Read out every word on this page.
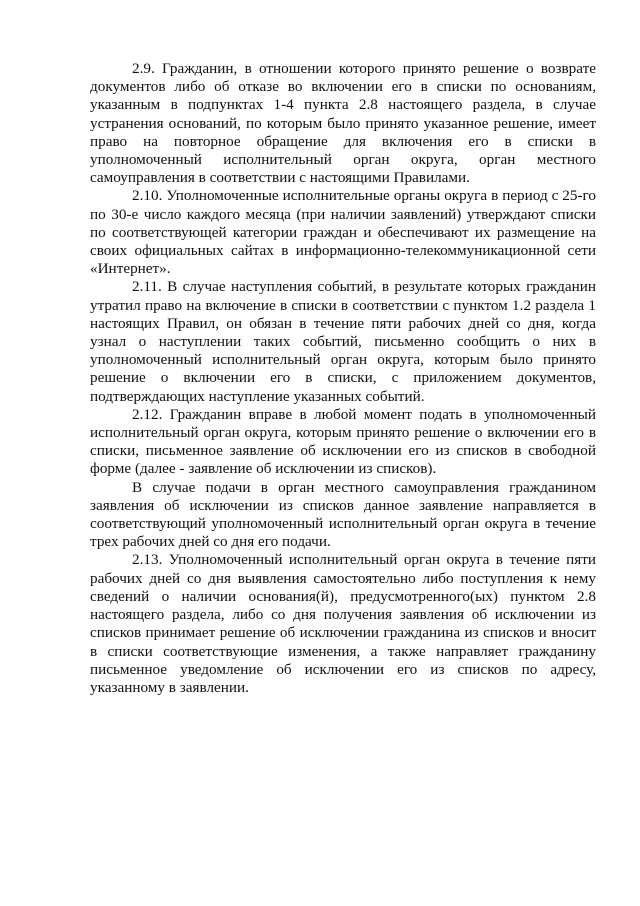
2.9. Гражданин, в отношении которого принято решение о возврате документов либо об отказе во включении его в списки по основаниям, указанным в подпунктах 1-4 пункта 2.8 настоящего раздела, в случае устранения оснований, по которым было принято указанное решение, имеет право на повторное обращение для включения его в списки в уполномоченный исполнительный орган округа, орган местного самоуправления в соответствии с настоящими Правилами.

2.10. Уполномоченные исполнительные органы округа в период с 25-го по 30-е число каждого месяца (при наличии заявлений) утверждают списки по соответствующей категории граждан и обеспечивают их размещение на своих официальных сайтах в информационно-телекоммуникационной сети «Интернет».

2.11. В случае наступления событий, в результате которых гражданин утратил право на включение в списки в соответствии с пунктом 1.2 раздела 1 настоящих Правил, он обязан в течение пяти рабочих дней со дня, когда узнал о наступлении таких событий, письменно сообщить о них в уполномоченный исполнительный орган округа, которым было принято решение о включении его в списки, с приложением документов, подтверждающих наступление указанных событий.

2.12. Гражданин вправе в любой момент подать в уполномоченный исполнительный орган округа, которым принято решение о включении его в списки, письменное заявление об исключении его из списков в свободной форме (далее - заявление об исключении из списков).

В случае подачи в орган местного самоуправления гражданином заявления об исключении из списков данное заявление направляется в соответствующий уполномоченный исполнительный орган округа в течение трех рабочих дней со дня его подачи.

2.13. Уполномоченный исполнительный орган округа в течение пяти рабочих дней со дня выявления самостоятельно либо поступления к нему сведений о наличии основания(й), предусмотренного(ых) пунктом 2.8 настоящего раздела, либо со дня получения заявления об исключении из списков принимает решение об исключении гражданина из списков и вносит в списки соответствующие изменения, а также направляет гражданину письменное уведомление об исключении его из списков по адресу, указанному в заявлении.
